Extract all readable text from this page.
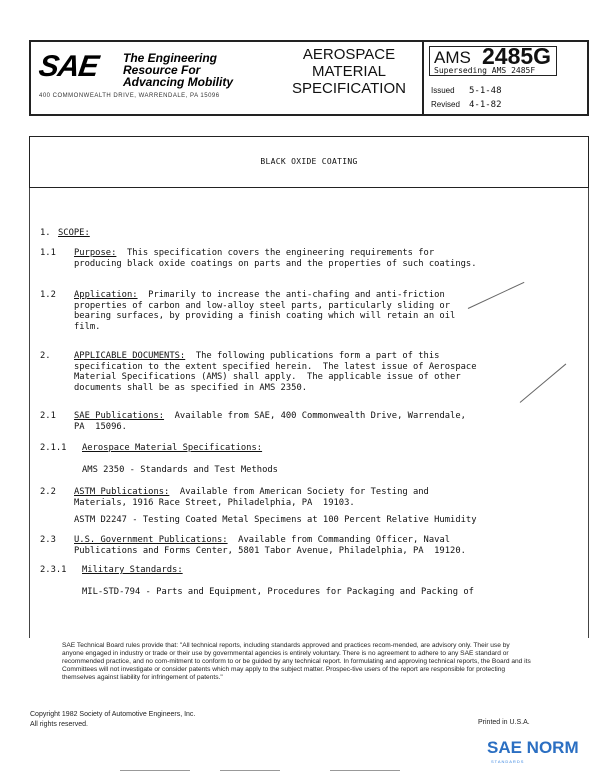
SAE The Engineering
Resource For
Advancing Mobility
400 COMMONWEALTH DRIVE, WARRENDALE, PA 15096
AEROSPACE
MATERIAL
SPECIFICATION
AMS 2485G
Superseding AMS 2485F
Issued	5-1-48
Revised	4-1-82
BLACK OXIDE COATING
1. SCOPE:
1.1	Purpose:  This specification covers the engineering requirements for
producing black oxide coatings on parts and the properties of such coatings.
1.2	Application:  Primarily to increase the anti-chafing and anti-friction
properties of carbon and low-alloy steel parts, particularly sliding or
bearing surfaces, by providing a finish coating which will retain an oil
film.
2.	APPLICABLE DOCUMENTS:  The following publications form a part of this
specification to the extent specified herein.  The latest issue of Aerospace
Material Specifications (AMS) shall apply.  The applicable issue of other
documents shall be as specified in AMS 2350.
2.1	SAE Publications:  Available from SAE, 400 Commonwealth Drive, Warrendale,
PA  15096.
2.1.1	Aerospace Material Specifications:
AMS 2350 - Standards and Test Methods
2.2	ASTM Publications:  Available from American Society for Testing and
Materials, 1916 Race Street, Philadelphia, PA  19103.
ASTM D2247 - Testing Coated Metal Specimens at 100 Percent Relative Humidity
2.3	U.S. Government Publications:  Available from Commanding Officer, Naval
Publications and Forms Center, 5801 Tabor Avenue, Philadelphia, PA  19120.
2.3.1	Military Standards:
MIL-STD-794 - Parts and Equipment, Procedures for Packaging and Packing of
SAE Technical Board rules provide that: "All technical reports, including standards approved and practices recom-mended, are advisory only. Their use by anyone engaged in industry or trade or their use by governmental agencies is entirely voluntary. There is no agreement to adhere to any SAE standard or recommended practice, and no com-mitment to conform to or be guided by any technical report. In formulating and approving technical reports, the Board and its Committees will not investigate or consider patents which may apply to the subject matter. Prospec-tive users of the report are responsible for protecting themselves against liability for infringement of patents."
Copyright 1982 Society of Automotive Engineers, Inc.
All rights reserved.	Printed in U.S.A.
SAE NORM
STANDARDS
